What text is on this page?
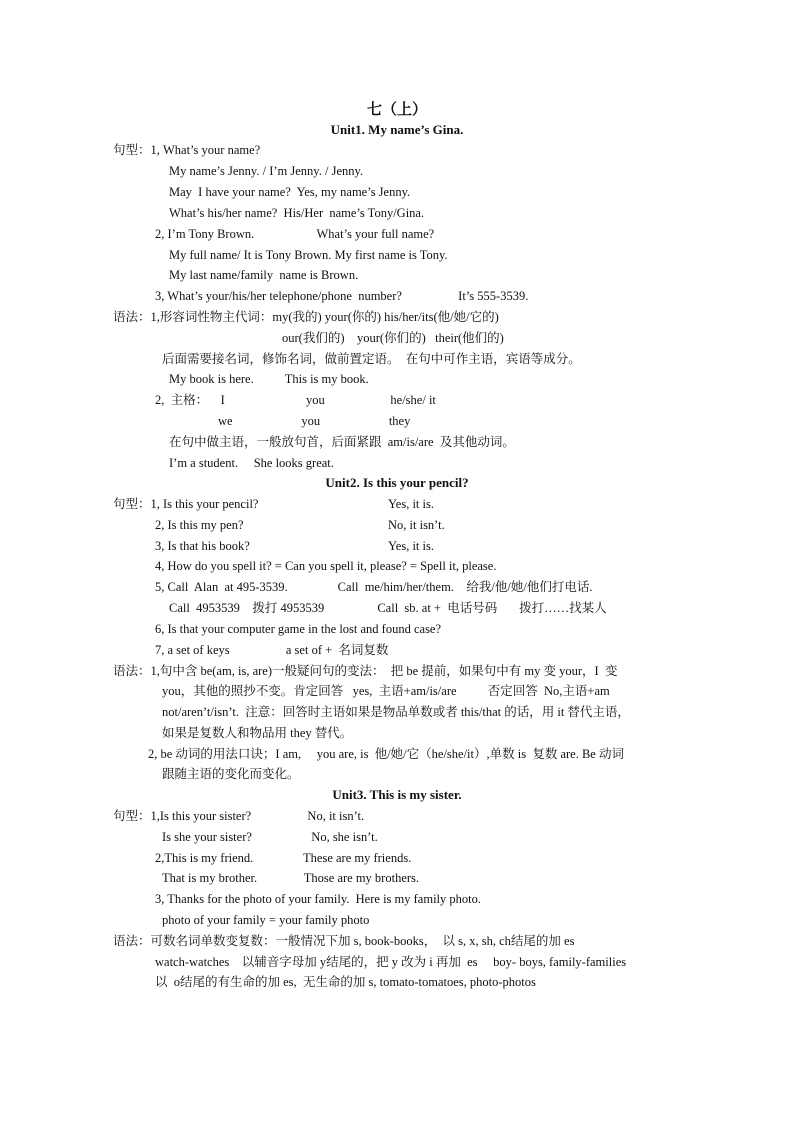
七（上）
Unit1. My name’s Gina.
句型：1, What’s your name?
My name’s Jenny. / I’m Jenny. / Jenny.
May  I have your name?  Yes, my name’s Jenny.
What’s his/her name?  His/Her  name’s Tony/Gina.
2, I’m Tony Brown.                    What’s your full name?
My full name/ It is Tony Brown. My first name is Tony.
My last name/family  name is Brown.
3, What’s your/his/her telephone/phone  number?                  It’s 555-3539.
语法：1,形容词性物主代词：my(我的) your(你的) his/her/its(他/她/它的)
our(我们的)    your(你们的)   their(他们的)
后面需要接名词，修饰名词，做前置定语。  在句中可作主语，宾语等成分。
My book is here.          This is my book.
2,  主格：    I                          you                     he/she/ it
we                      you                      they
在句中做主语，一般放句首，后面紧跟  am/is/are  及其他动词。
I’m a student.     She looks great.
Unit2. Is this your pencil?
句型：1, Is this your pencil?	Yes, it is.
2, Is this my pen?	No, it isn’t.
3, Is that his book?	Yes, it is.
4, How do you spell it? = Can you spell it, please? = Spell it, please.
5, Call  Alan  at 495-3539.                Call  me/him/her/them.    给我/他/她/他们打电话.
Call  4953539    拨打 4953539                 Call  sb. at +  电话号码       拨打……找某人
6, Is that your computer game in the lost and found case?
7, a set of keys                  a set of +  名词复数
语法：1,句中含 be(am, is, are)一般疑问句的变法：  把 be 提前，如果句中有 my 变 your，I  变
you，其他的照抄不变。肯定回答   yes,  主语+am/is/are          否定回答  No,主语+am
not/aren’t/isn’t.  注意：回答时主语如果是物品单数或者 this/that 的话，用 it 替代主语，
如果是复数人和物品用 they 替代。
2, be 动词的用法口诀；I am,     you are, is  他/她/它（he/she/it）,单数 is  复数 are. Be 动词
跟随主语的变化而变化。
Unit3. This is my sister.
句型：1,Is this your sister?                  No, it isn’t.
Is she your sister?                   No, she isn’t.
2,This is my friend.                These are my friends.
That is my brother.               Those are my brothers.
3, Thanks for the photo of your family.  Here is my family photo.
photo of your family = your family photo
语法：可数名词单数变复数：一般情况下加 s, book-books，  以 s, x, sh, ch结尾的加 es
watch-watches    以辅音字母加 y结尾的，把 y 改为 i 再加  es     boy- boys, family-families
以  o结尾的有生命的加 es,  无生命的加 s, tomato-tomatoes, photo-photos
